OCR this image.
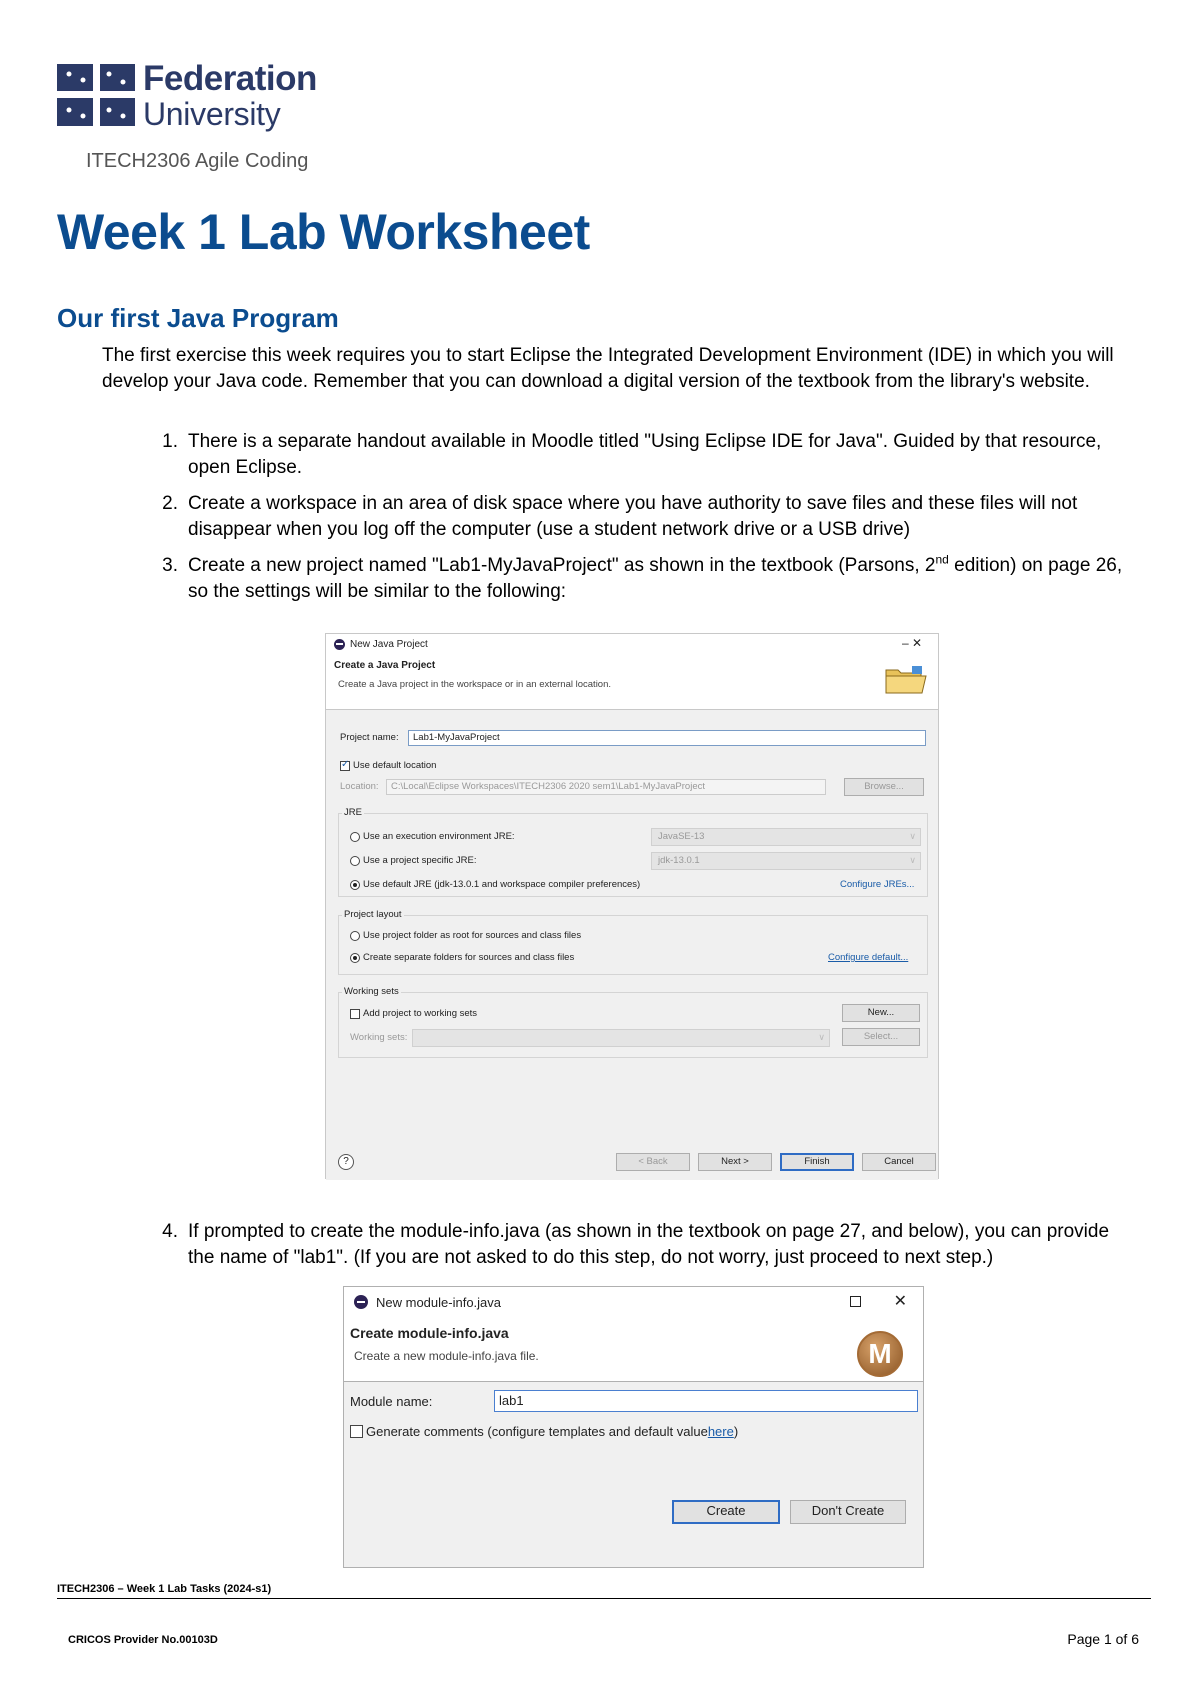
Federation
University
ITECH2306 Agile Coding
Week 1 Lab Worksheet
Our first Java Program

The first exercise this week requires you to start Eclipse the Integrated Development Environment (IDE) in which you will develop your Java code. Remember that you can download a digital version of the textbook from the library's website.

1. There is a separate handout available in Moodle titled "Using Eclipse IDE for Java". Guided by that resource, open Eclipse.
2. Create a workspace in an area of disk space where you have authority to save files and these files will not disappear when you log off the computer (use a student network drive or a USB drive)
3. Create a new project named "Lab1-MyJavaProject" as shown in the textbook (Parsons, 2nd edition) on page 26, so the settings will be similar to the following:
New Java Project	– ✕
Create a Java Project
Create a Java project in the workspace or in an external location.
Project name:	Lab1-MyJavaProject
✓
Use default location
Location:	C:\Local\Eclipse Workspaces\ITECH2306 2020 sem1\Lab1-MyJavaProject	Browse...
JRE
Use an execution environment JRE:	JavaSE-13 ∨
Use a project specific JRE:	jdk-13.0.1 ∨
Use default JRE (jdk-13.0.1 and workspace compiler preferences)	Configure JREs...
Project layout
Use project folder as root for sources and class files
Create separate folders for sources and class files	Configure default...
Working sets
Add project to working sets	New...
Working sets:
∨	Select...
?	< Back	Next >	Finish	Cancel
4. If prompted to create the module-info.java (as shown in the textbook on page 27, and below), you can provide the name of "lab1". (If you are not asked to do this step, do not worry, just proceed to next step.)
New module-info.java	✕
Create module-info.java
Create a new module-info.java file.	M
Module name:	lab1
Generate comments (configure templates and default value here )
Create	Don't Create
ITECH2306 – Week 1 Lab Tasks (2024-s1)
CRICOS Provider No.00103D	Page 1 of 6
